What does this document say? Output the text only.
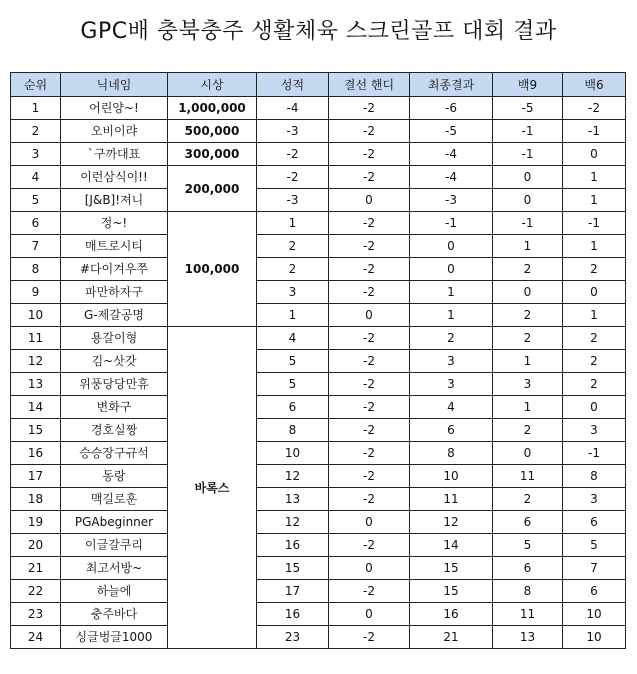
GPC배 충북충주 생활체육 스크린골프 대회 결과
순위	닉네임	시상	성적	결선 핸디	최종결과	백9	백6
1	어린양~!	1,000,000	-4	-2	-6	-5	-2
2	오비이랴	500,000	-3	-2	-5	-1	-1
3	`구까대표	300,000	-2	-2	-4	-1	0
4	이런삼식이!!	200,000	-2	-2	-4	0	1
5	[J&B]!져니		-3	0	-3	0	1
6	정~!	100,000	1	-2	-1	-1	-1
7	매트로시티		2	-2	0	1	1
8	#다이겨우쭈		2	-2	0	2	2
9	파만하자구		3	-2	1	0	0
10	G-제갈공명		1	0	1	2	1
11	용갈이형	바록스	4	-2	2	2	2
12	김~삿갓		5	-2	3	1	2
13	위풍당당만휴		5	-2	3	3	2
14	변화구		6	-2	4	1	0
15	경호실짱		8	-2	6	2	3
16	승승장구규석		10	-2	8	0	-1
17	동랑		12	-2	10	11	8
18	맥길로훈		13	-2	11	2	3
19	PGAbeginner		12	0	12	6	6
20	이글갈쿠리		16	-2	14	5	5
21	최고서방~		15	0	15	6	7
22	하늘에		17	-2	15	8	6
23	충주바다		16	0	16	11	10
24	싱글벙글1000		23	-2	21	13	10
